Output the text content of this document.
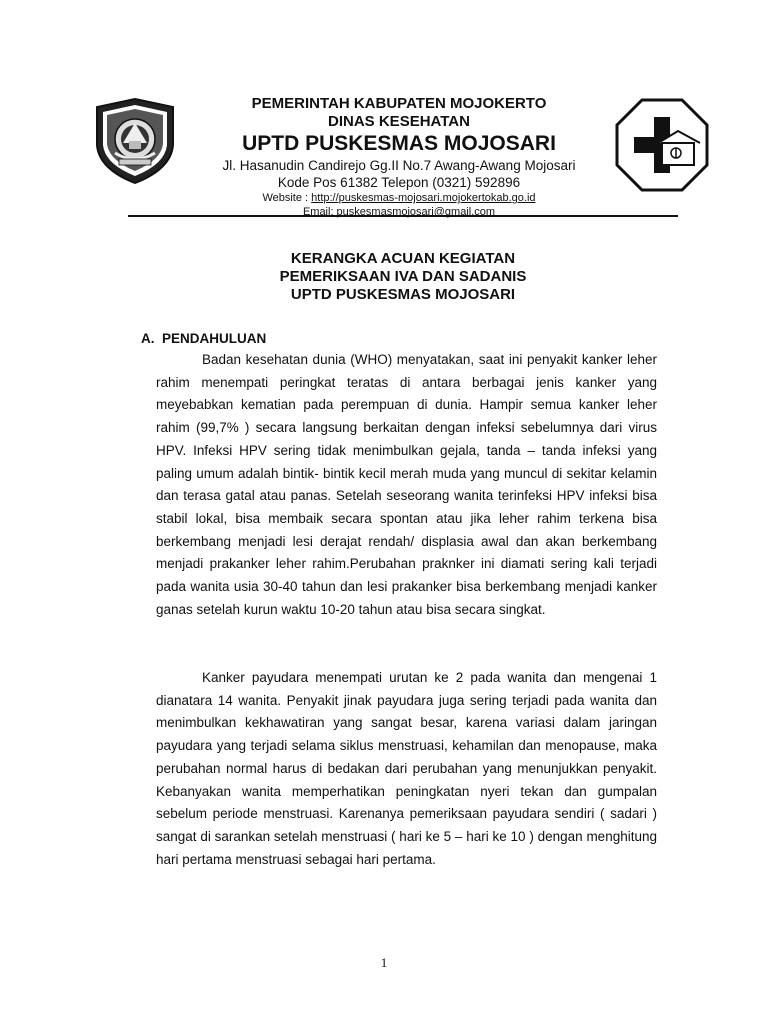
PEMERINTAH KABUPATEN MOJOKERTO
DINAS KESEHATAN
UPTD PUSKESMAS MOJOSARI
Jl. Hasanudin Candirejo Gg.II No.7 Awang-Awang Mojosari
Kode Pos 61382 Telepon (0321) 592896
Website : http://puskesmas-mojosari.mojokertokab.go.id
Email: puskesmasmojosari@gmail.com
KERANGKA ACUAN KEGIATAN
PEMERIKSAAN IVA DAN SADANIS
UPTD PUSKESMAS MOJOSARI
A. PENDAHULUAN

Badan kesehatan dunia (WHO) menyatakan, saat ini penyakit kanker leher rahim menempati peringkat teratas di antara berbagai jenis kanker yang meyebabkan kematian pada perempuan di dunia. Hampir semua kanker leher rahim (99,7% ) secara langsung berkaitan dengan infeksi sebelumnya dari virus HPV. Infeksi HPV sering tidak menimbulkan gejala, tanda – tanda infeksi yang paling umum adalah bintik- bintik kecil merah muda yang muncul di sekitar kelamin dan terasa gatal atau panas. Setelah seseorang wanita terinfeksi HPV infeksi bisa stabil lokal, bisa membaik secara spontan atau jika leher rahim terkena bisa berkembang menjadi lesi derajat rendah/ displasia awal dan akan berkembang menjadi prakanker leher rahim.Perubahan praknker ini diamati sering kali terjadi pada wanita usia 30-40 tahun dan lesi prakanker bisa berkembang menjadi kanker ganas setelah kurun waktu 10-20 tahun atau bisa secara singkat.

Kanker payudara menempati urutan ke 2 pada wanita dan mengenai 1 dianatara 14 wanita. Penyakit jinak payudara juga sering terjadi pada wanita dan menimbulkan kekhawatiran yang sangat besar, karena variasi dalam jaringan payudara yang terjadi selama siklus menstruasi, kehamilan dan menopause, maka perubahan normal harus di bedakan dari perubahan yang menunjukkan penyakit. Kebanyakan wanita memperhatikan peningkatan nyeri tekan dan gumpalan sebelum periode menstruasi. Karenanya pemeriksaan payudara sendiri ( sadari ) sangat di sarankan setelah menstruasi ( hari ke 5 – hari ke 10 ) dengan menghitung hari pertama menstruasi sebagai hari pertama.

1
